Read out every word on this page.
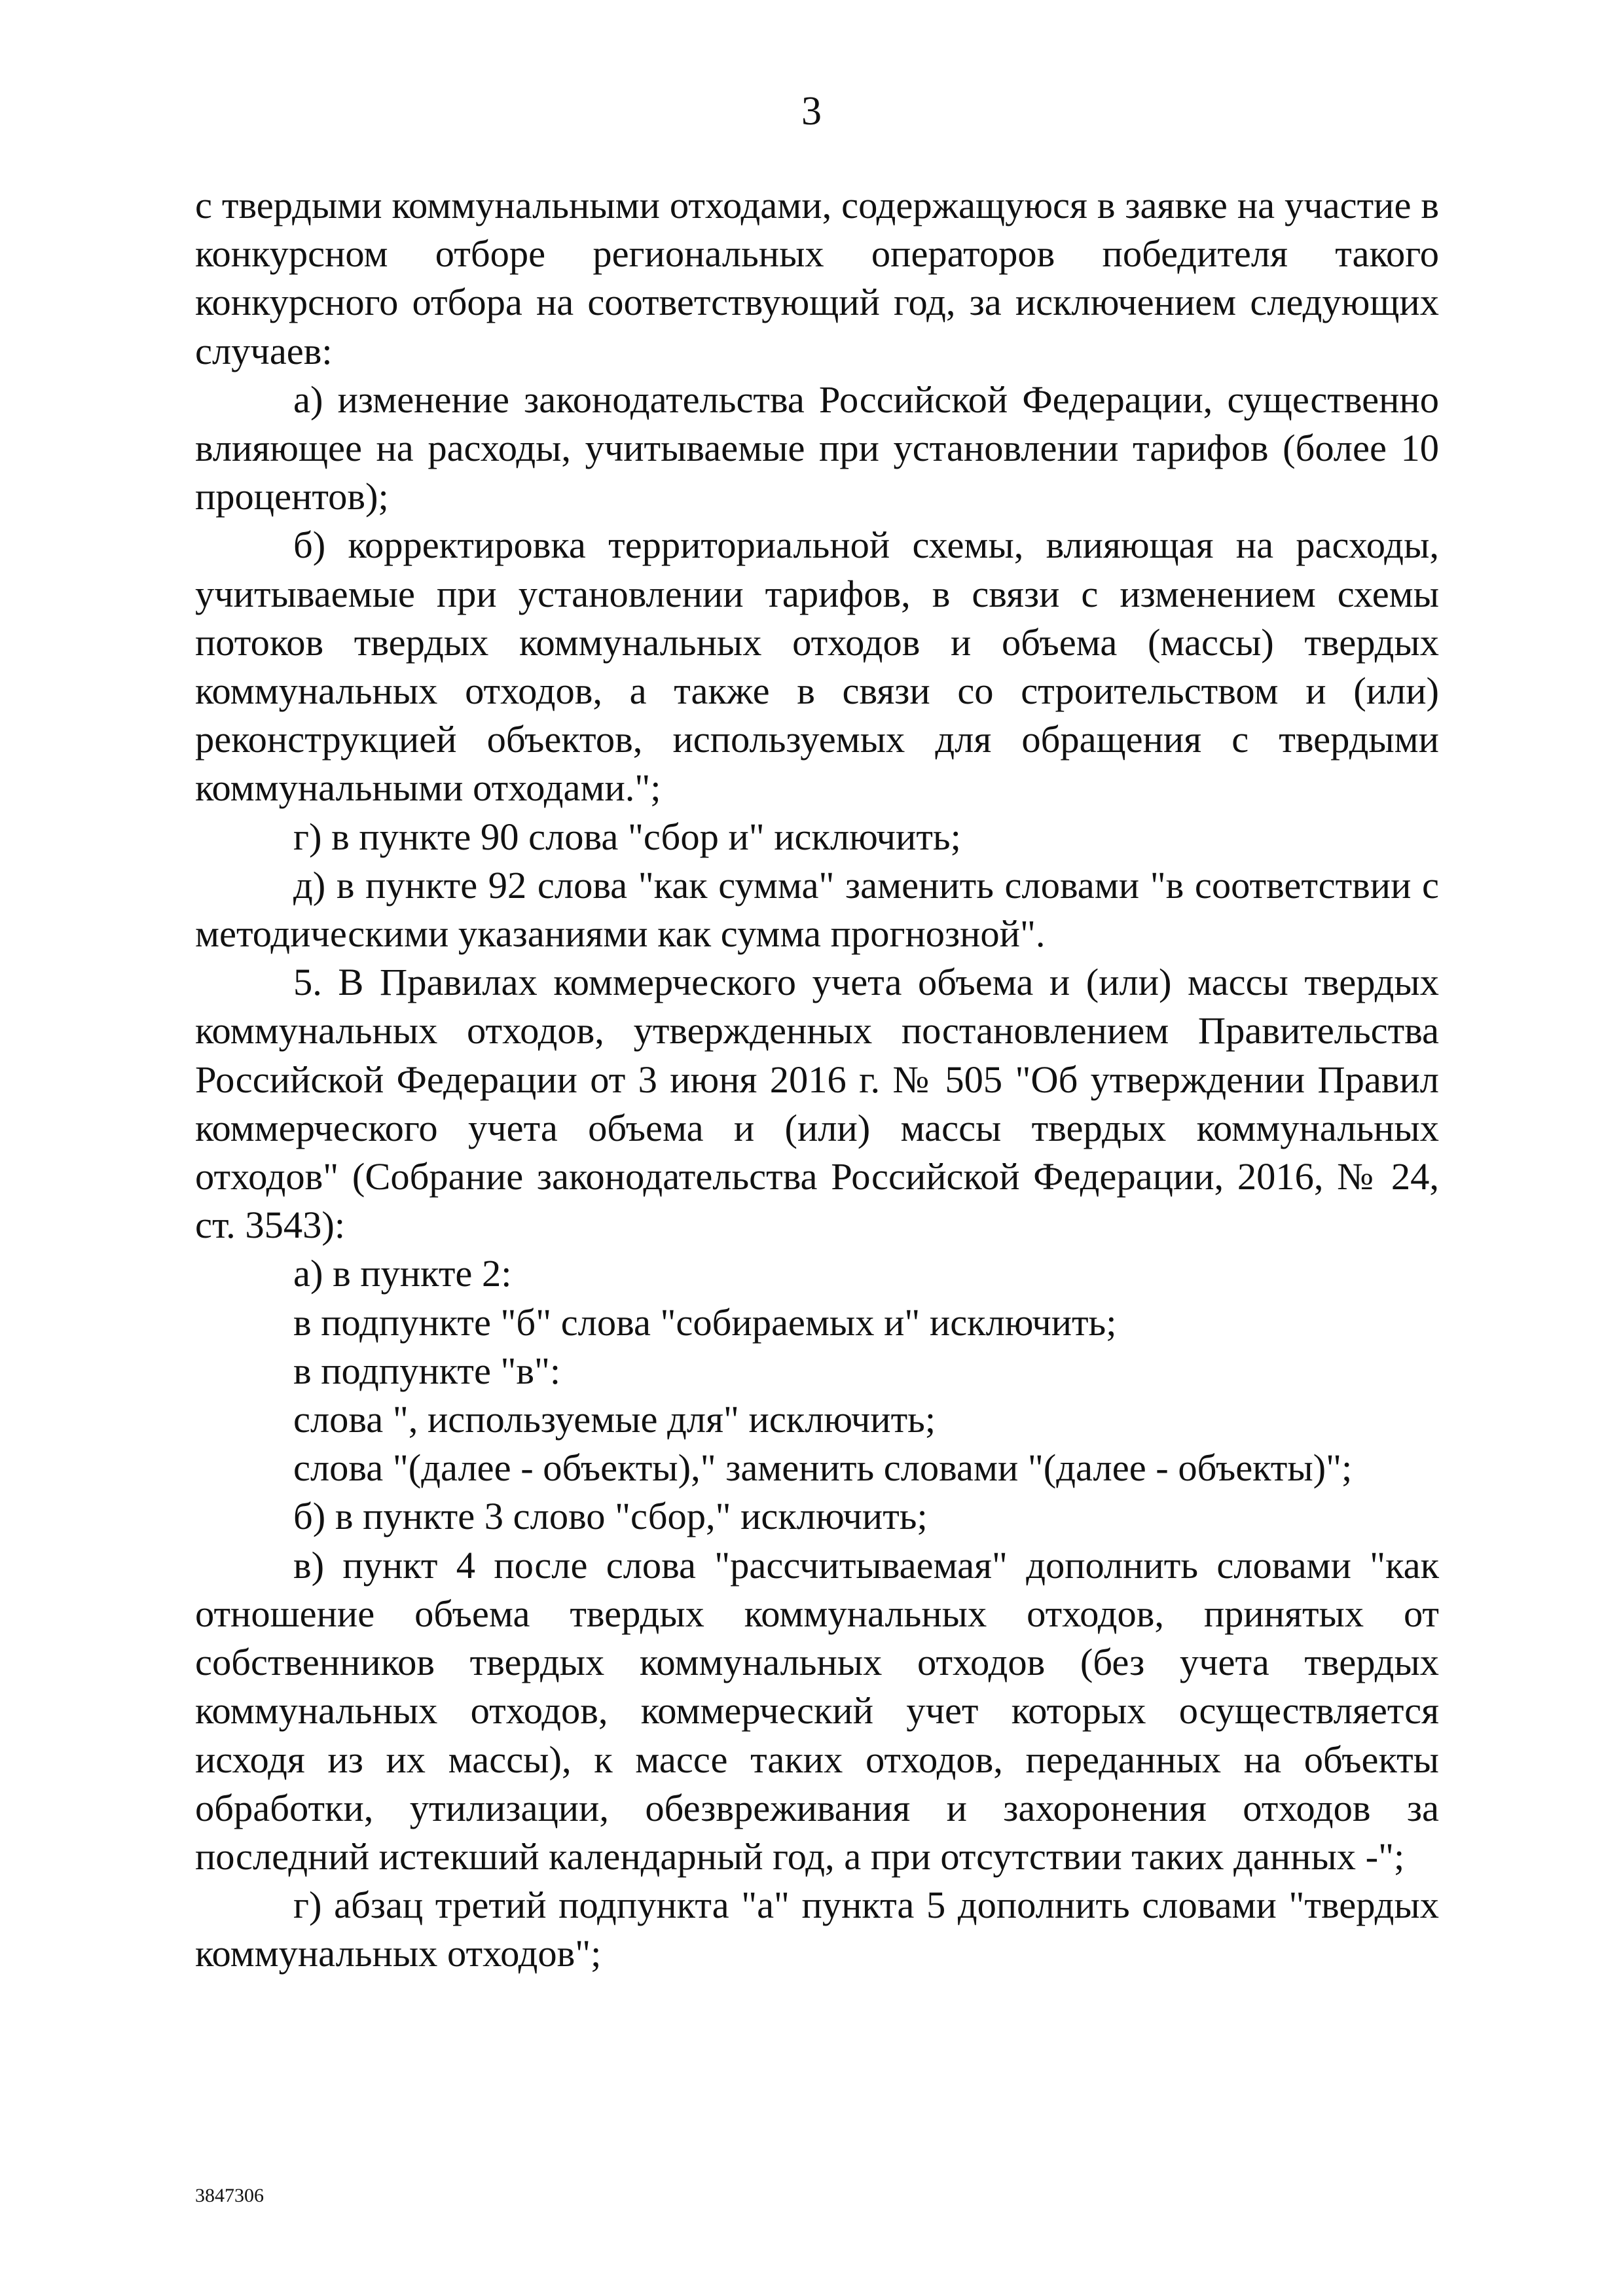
3

с твердыми коммунальными отходами, содержащуюся в заявке на участие в конкурсном отборе региональных операторов победителя такого конкурсного отбора на соответствующий год, за исключением следующих случаев:

а) изменение законодательства Российской Федерации, существенно влияющее на расходы, учитываемые при установлении тарифов (более 10 процентов);

б) корректировка территориальной схемы, влияющая на расходы, учитываемые при установлении тарифов, в связи с изменением схемы потоков твердых коммунальных отходов и объема (массы) твердых коммунальных отходов, а также в связи со строительством и (или) реконструкцией объектов, используемых для обращения с твердыми коммунальными отходами.";

г) в пункте 90 слова "сбор и" исключить;

д) в пункте 92 слова "как сумма" заменить словами "в соответствии с методическими указаниями как сумма прогнозной".

5. В Правилах коммерческого учета объема и (или) массы твердых коммунальных отходов, утвержденных постановлением Правительства Российской Федерации от 3 июня 2016 г. № 505 "Об утверждении Правил коммерческого учета объема и (или) массы твердых коммунальных отходов" (Собрание законодательства Российской Федерации, 2016, № 24, ст. 3543):

а) в пункте 2:

в подпункте "б" слова "собираемых и" исключить;

в подпункте "в":

слова ", используемые для" исключить;

слова "(далее - объекты)," заменить словами "(далее - объекты)";

б) в пункте 3 слово "сбор," исключить;

в) пункт 4 после слова "рассчитываемая" дополнить словами "как отношение объема твердых коммунальных отходов, принятых от собственников твердых коммунальных отходов (без учета твердых коммунальных отходов, коммерческий учет которых осуществляется исходя из их массы), к массе таких отходов, переданных на объекты обработки, утилизации, обезвреживания и захоронения отходов за последний истекший календарный год, а при отсутствии таких данных -";

г) абзац третий подпункта "а" пункта 5 дополнить словами "твердых коммунальных отходов";

3847306
